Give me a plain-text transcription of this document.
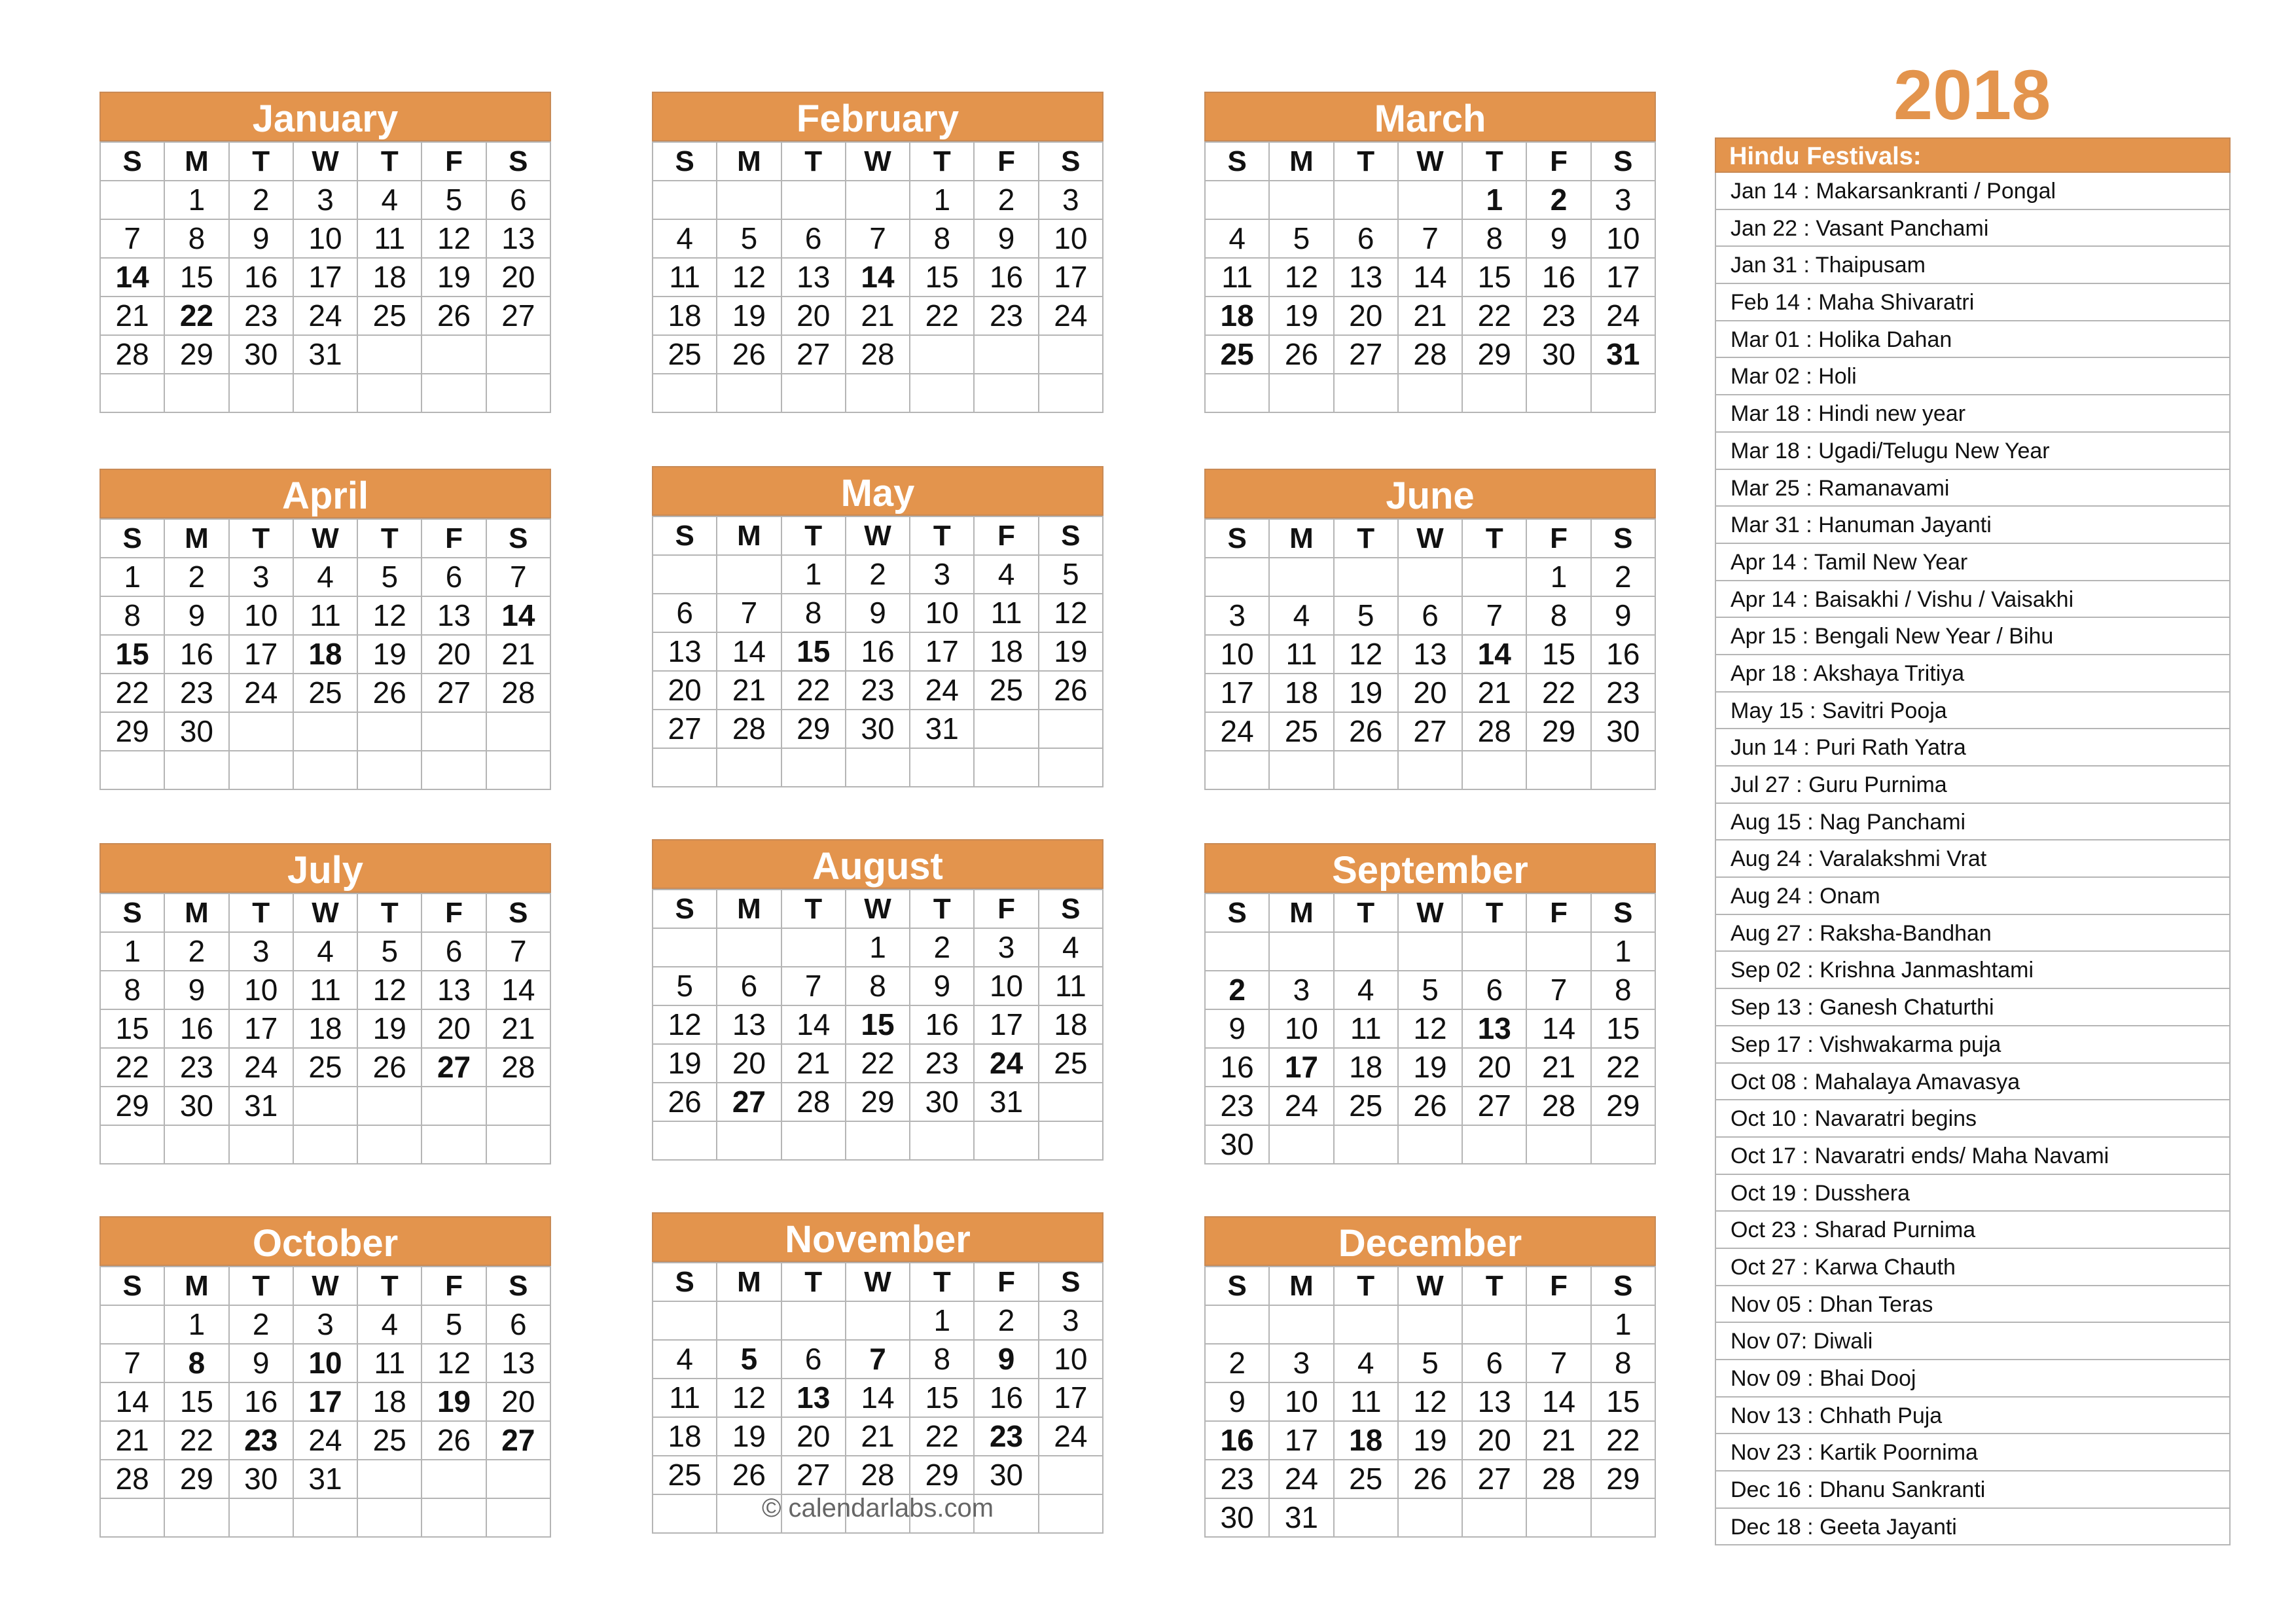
2018
January
S	M	T	W	T	F	S
	1	2	3	4	5	6
7	8	9	10	11	12	13
14	15	16	17	18	19	20
21	22	23	24	25	26	27
28	29	30	31			

February
S	M	T	W	T	F	S
				1	2	3
4	5	6	7	8	9	10
11	12	13	14	15	16	17
18	19	20	21	22	23	24
25	26	27	28			

March
S	M	T	W	T	F	S
				1	2	3
4	5	6	7	8	9	10
11	12	13	14	15	16	17
18	19	20	21	22	23	24
25	26	27	28	29	30	31

April
S	M	T	W	T	F	S
1	2	3	4	5	6	7
8	9	10	11	12	13	14
15	16	17	18	19	20	21
22	23	24	25	26	27	28
29	30					

May
S	M	T	W	T	F	S
		1	2	3	4	5
6	7	8	9	10	11	12
13	14	15	16	17	18	19
20	21	22	23	24	25	26
27	28	29	30	31		

June
S	M	T	W	T	F	S
					1	2
3	4	5	6	7	8	9
10	11	12	13	14	15	16
17	18	19	20	21	22	23
24	25	26	27	28	29	30

July
S	M	T	W	T	F	S
1	2	3	4	5	6	7
8	9	10	11	12	13	14
15	16	17	18	19	20	21
22	23	24	25	26	27	28
29	30	31				

August
S	M	T	W	T	F	S
			1	2	3	4
5	6	7	8	9	10	11
12	13	14	15	16	17	18
19	20	21	22	23	24	25
26	27	28	29	30	31	

September
S	M	T	W	T	F	S
						1
2	3	4	5	6	7	8
9	10	11	12	13	14	15
16	17	18	19	20	21	22
23	24	25	26	27	28	29
30						
October
S	M	T	W	T	F	S
	1	2	3	4	5	6
7	8	9	10	11	12	13
14	15	16	17	18	19	20
21	22	23	24	25	26	27
28	29	30	31			

November
S	M	T	W	T	F	S
				1	2	3
4	5	6	7	8	9	10
11	12	13	14	15	16	17
18	19	20	21	22	23	24
25	26	27	28	29	30	

December
S	M	T	W	T	F	S
						1
2	3	4	5	6	7	8
9	10	11	12	13	14	15
16	17	18	19	20	21	22
23	24	25	26	27	28	29
30	31					
Hindu Festivals:
Jan 14 : Makarsankranti / Pongal
Jan 22 : Vasant Panchami
Jan 31 : Thaipusam
Feb 14 : Maha Shivaratri
Mar 01 : Holika Dahan
Mar 02 : Holi
Mar 18 : Hindi new year
Mar 18 : Ugadi/Telugu New Year
Mar 25 : Ramanavami
Mar 31 : Hanuman Jayanti
Apr 14 : Tamil New Year
Apr 14 : Baisakhi / Vishu / Vaisakhi
Apr 15 : Bengali New Year / Bihu
Apr 18 : Akshaya Tritiya
May 15 : Savitri Pooja
Jun 14 : Puri Rath Yatra
Jul 27 : Guru Purnima
Aug 15 : Nag Panchami
Aug 24 : Varalakshmi Vrat
Aug 24 : Onam
Aug 27 : Raksha-Bandhan
Sep 02 : Krishna Janmashtami
Sep 13 : Ganesh Chaturthi
Sep 17 : Vishwakarma puja
Oct 08 : Mahalaya Amavasya
Oct 10 : Navaratri begins
Oct 17 : Navaratri ends/ Maha Navami
Oct 19 : Dusshera
Oct 23 : Sharad Purnima
Oct 27 : Karwa Chauth
Nov 05 : Dhan Teras
Nov 07: Diwali
Nov 09 : Bhai Dooj
Nov 13 : Chhath Puja
Nov 23 : Kartik Poornima
Dec 16 : Dhanu Sankranti
Dec 18 : Geeta Jayanti
© calendarlabs.com
